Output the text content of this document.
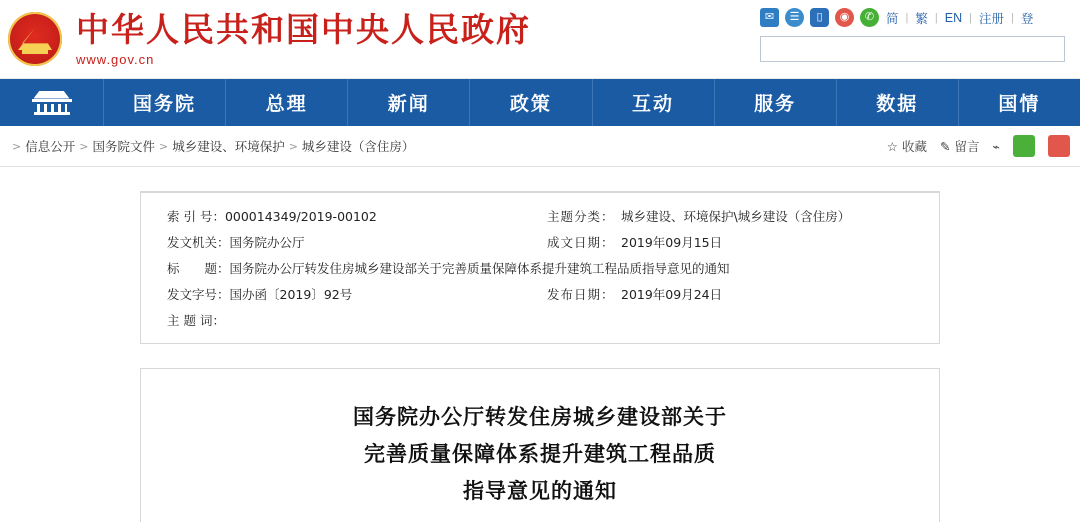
中华人民共和国中央人民政府
www.gov.cn
✉	☰	▯	◉	✆ 简 | 繁 | EN | 注册 | 登
国务院	总理	新闻	政策	互动	服务	数据	国情
> 信息公开 > 国务院文件 > 城乡建设、环境保护 > 城乡建设（含住房）	☆ 收藏 ✎ 留言 ⌁
索 引 号： 000014349/2019-00102	主题分类： 城乡建设、环境保护\城乡建设（含住房）
发文机关： 国务院办公厅	成文日期： 2019年09月15日
标　　题： 国务院办公厅转发住房城乡建设部关于完善质量保障体系提升建筑工程品质指导意见的通知
发文字号： 国办函〔2019〕92号	发布日期： 2019年09月24日
主 题 词：
国务院办公厅转发住房城乡建设部关于
完善质量保障体系提升建筑工程品质
指导意见的通知
